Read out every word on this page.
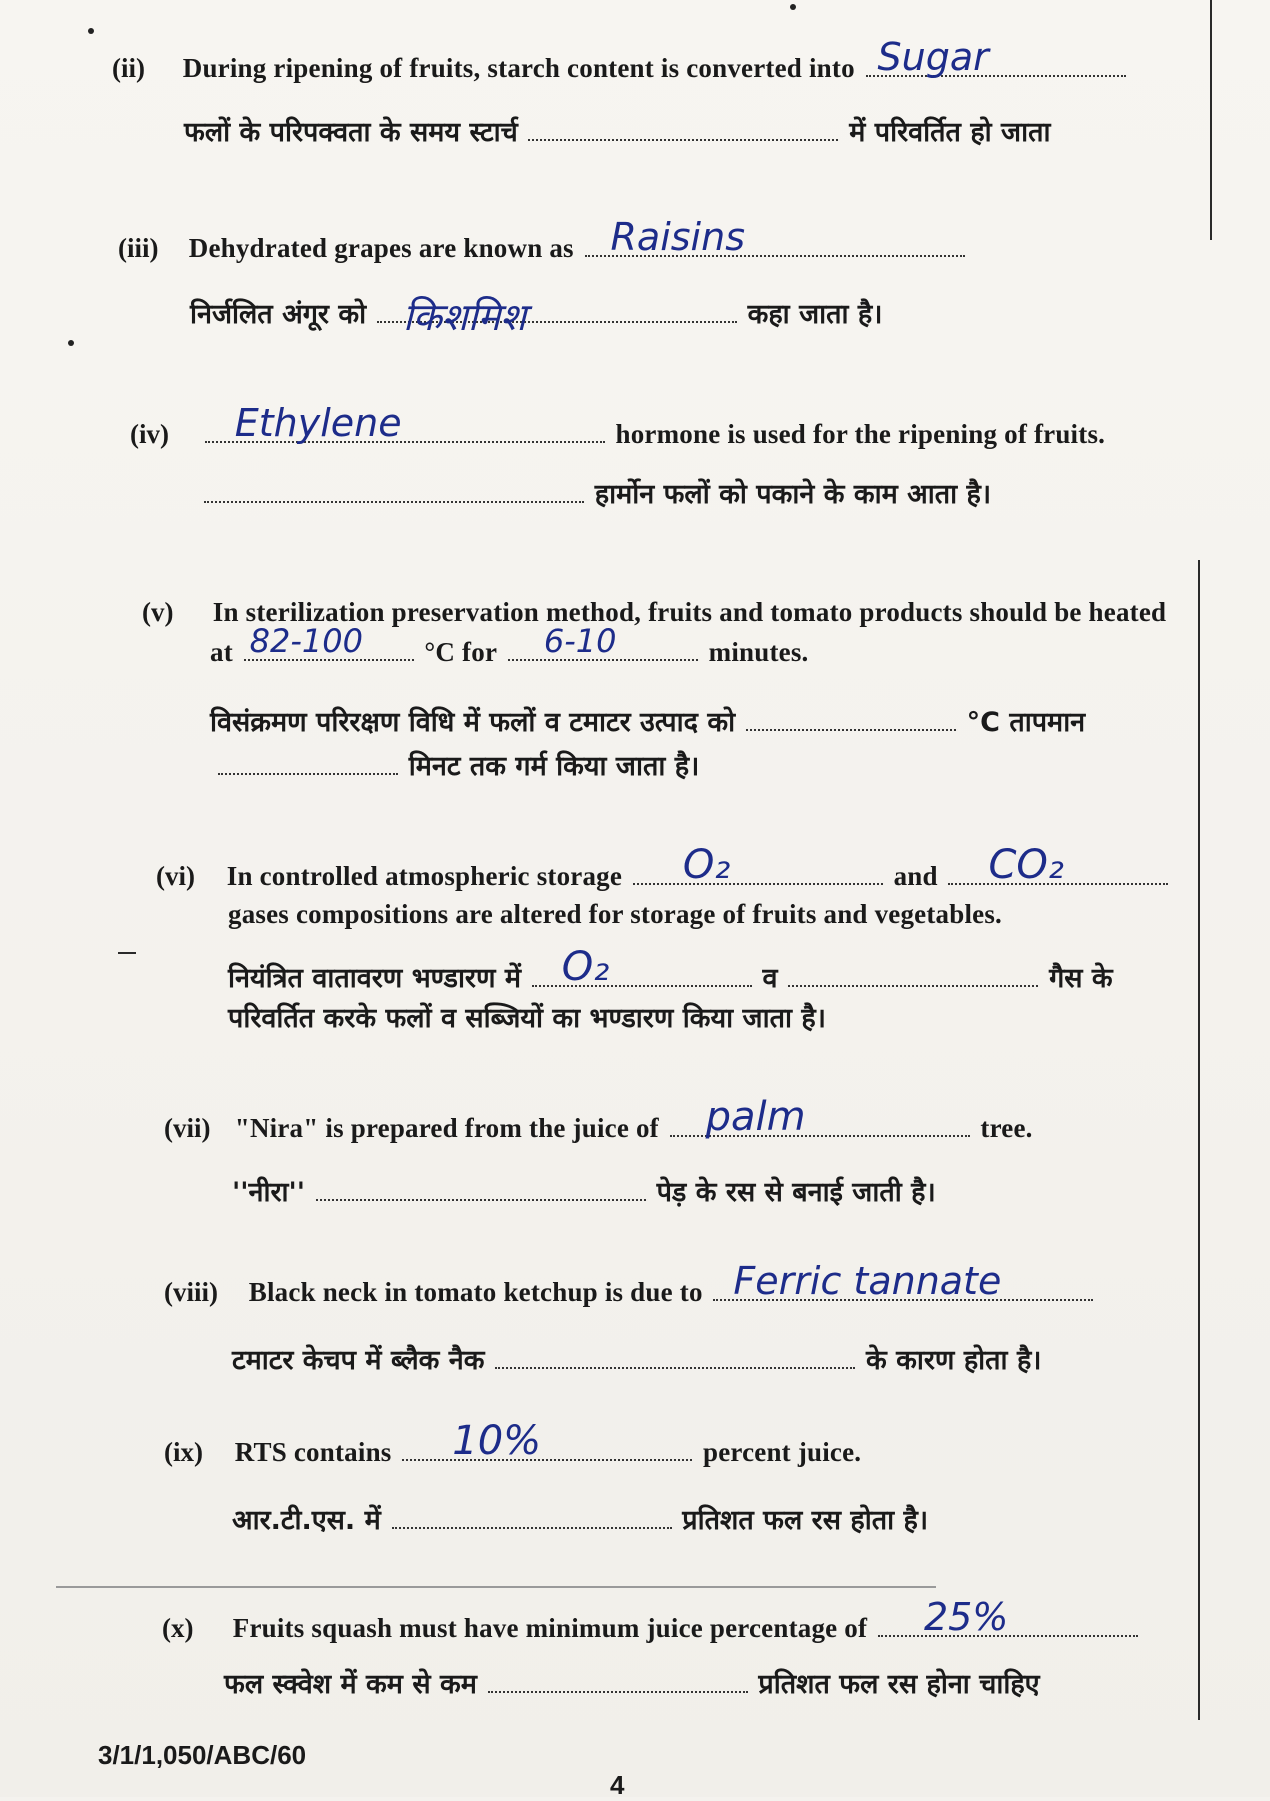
(ii) During ripening of fruits, starch content is converted into Sugar
फलों के परिपक्वता के समय स्टार्च	में परिवर्तित हो जाता
(iii) Dehydrated grapes are known as Raisins
निर्जलित अंगूर को किशमिश	कहा जाता है।
(iv) Ethylene	hormone is used for the ripening of fruits.
हार्मोन फलों को पकाने के काम आता है।
(v) In sterilization preservation method, fruits and tomato products should be heated
at 82-100 °C for 6-10	minutes.
विसंक्रमण परिरक्षण विधि में फलों व टमाटर उत्पाद को	°C तापमान
मिनट तक गर्म किया जाता है।
(vi) In controlled atmospheric storage O₂	and CO₂
gases compositions are altered for storage of fruits and vegetables.
नियंत्रित वातावरण भण्डारण में O₂	व	गैस के
परिवर्तित करके फलों व सब्जियों का भण्डारण किया जाता है।
(vii) "Nira" is prepared from the juice of palm	tree.
''नीरा''	पेड़ के रस से बनाई जाती है।
(viii) Black neck in tomato ketchup is due to Ferric tannate
टमाटर केचप में ब्लैक नैक	के कारण होता है।
(ix) RTS contains 10%	percent juice.
आर.टी.एस. में	प्रतिशत फल रस होता है।
(x) Fruits squash must have minimum juice percentage of 25%
फल स्क्वेश में कम से कम	प्रतिशत फल रस होना चाहिए
3/1/1,050/ABC/60
4
